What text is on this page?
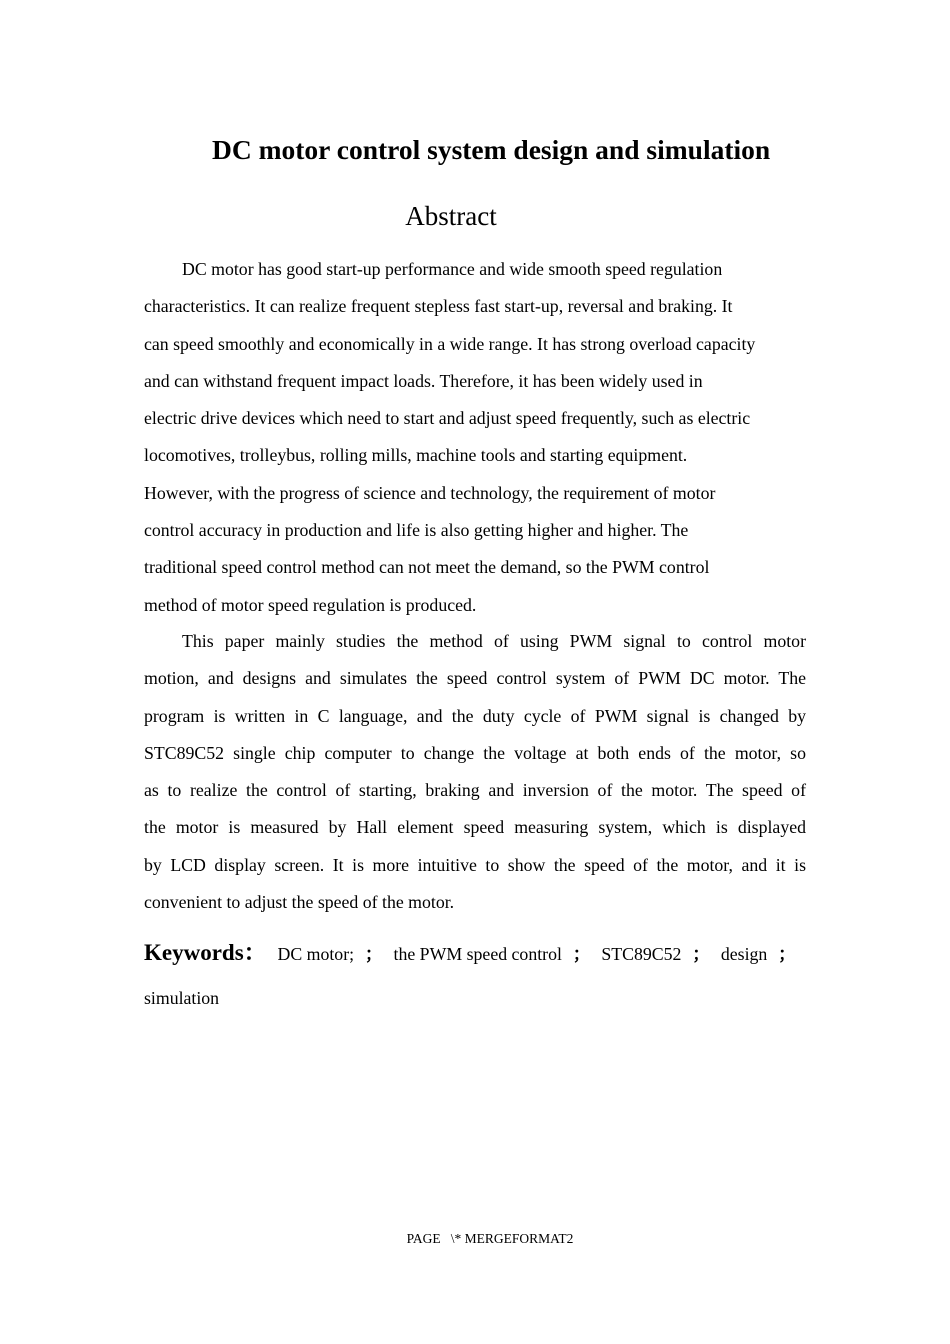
DC motor control system design and simulation
Abstract
DC motor has good start-up performance and wide smooth speed regulation
characteristics. It can realize frequent stepless fast start-up, reversal and braking. It
can speed smoothly and economically in a wide range. It has strong overload capacity
and can withstand frequent impact loads. Therefore, it has been widely used in
electric drive devices which need to start and adjust speed frequently, such as electric
locomotives, trolleybus, rolling mills, machine tools and starting equipment.
However, with the progress of science and technology, the requirement of motor
control accuracy in production and life is also getting higher and higher. The
traditional speed control method can not meet the demand, so the PWM control
method of motor speed regulation is produced.
This paper mainly studies the method of using PWM signal to control motor
motion, and designs and simulates the speed control system of PWM DC motor. The
program is written in C language, and the duty cycle of PWM signal is changed by
STC89C52 single chip computer to change the voltage at both ends of the motor, so
as to realize the control of starting, braking and inversion of the motor. The speed of
the motor is measured by Hall element speed measuring system, which is displayed
by LCD display screen. It is more intuitive to show the speed of the motor, and it is
convenient to adjust the speed of the motor.
Keywords： DC motor; ； the PWM speed control ； STC89C52 ； design ；
simulation
PAGE   \* MERGEFORMAT2
